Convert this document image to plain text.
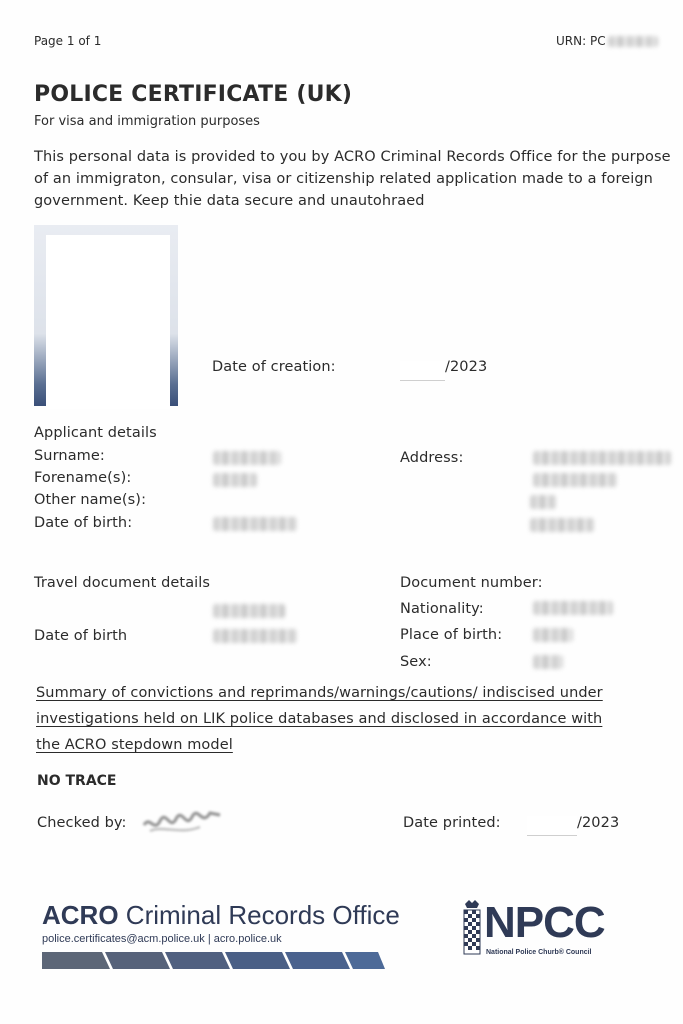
Page 1 of 1	URN: PC
POLICE CERTIFICATE (UK)
For visa and immigration purposes
This personal data is provided to you by ACRO Criminal Records Office for the purpose
of an immigraton, consular, visa or citizenship related application made to a foreign
government. Keep thie data secure and unautohraed
Date of creation:	/2023
Applicant details
Surname:
Forename(s):
Other name(s):
Date of birth:
Address:
Travel document details
Date of birth
Document number:
Nationality:
Place of birth:
Sex:
Summary of convictions and reprimands/warnings/cautions/ indiscised under
investigations held on LIK police databases and disclosed in accordance with
the ACRO stepdown model
NO TRACE
Checked by:	Date printed:	/2023
ACRO Criminal Records Office
police.certificates@acm.police.uk | acro.police.uk	NPCC
National Police Churb® Council
